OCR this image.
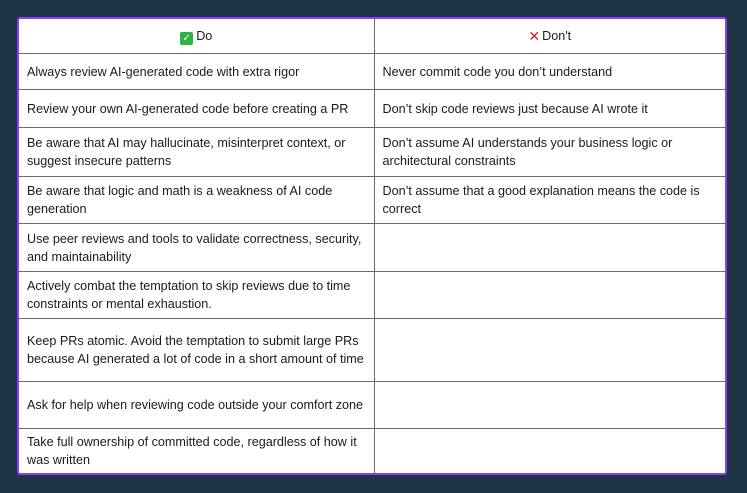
✓ Do	✕ Don't
Always review AI-generated code with extra rigor	Never commit code you don’t understand
Review your own AI-generated code before creating a PR	Don’t skip code reviews just because AI wrote it
Be aware that AI may hallucinate, misinterpret context, or suggest insecure patterns	Don’t assume AI understands your business logic or architectural constraints
Be aware that logic and math is a weakness of AI code generation	Don’t assume that a good explanation means the code is correct
Use peer reviews and tools to validate correctness, security, and maintainability	
Actively combat the temptation to skip reviews due to time constraints or mental exhaustion.	
Keep PRs atomic. Avoid the temptation to submit large PRs because AI generated a lot of code in a short amount of time	
Ask for help when reviewing code outside your comfort zone	
Take full ownership of committed code, regardless of how it was written	
